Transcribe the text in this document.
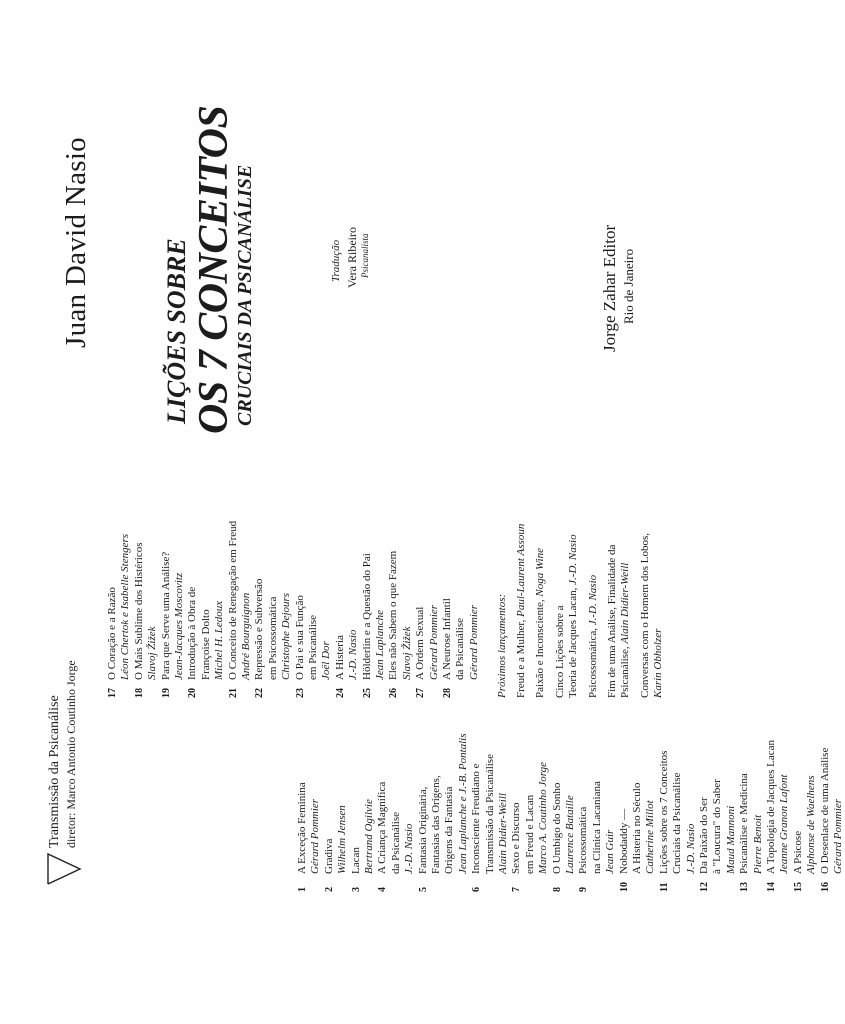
Transmissão da Psicanálise diretor: Marco Antonio Coutinho Jorge
1
A Exceção Feminina Gérard Pommier
2
Gradiva Wilhelm Jensen
3
Lacan Bertrand Ogilvie
4
A Criança Magnífica da Psicanálise J.-D. Nasio
5
Fantasia Originária, Fantasias das Origens, Origens da Fantasia Jean Laplanche e J.-B. Pontalis
6
Inconsciente Freudiano e Transmissão da Psicanálise Alain Didier-Weill
7
Sexo e Discurso em Freud e Lacan Marco A. Coutinho Jorge
8
O Umbigo do Sonho Laurence Bataille
9
Psicossomática na Clínica Lacaniana Jean Guir
10
Nobodaddy — A Histeria no Século Catherine Millot
11
Lições sobre os 7 Conceitos Cruciais da Psicanálise J.-D. Nasio
12
Da Paixão do Ser à "Loucura" do Saber Maud Mannoni
13
Psicanálise e Medicina Pierre Benoit
14
A Topologia de Jacques Lacan Jeanne Granon Lafont
15
A Psicose Alphonse de Waelhens
16
O Desenlace de uma Análise Gérard Pommier
17
O Coração e a Razão Léon Chertok e Isabelle Stengers
18
O Mais Sublime dos Histéricos Slavoj Žižek
19
Para que Serve uma Análise? Jean-Jacques Moscovitz
20
Introdução à Obra de Françoise Dolto Michel H. Ledoux
21
O Conceito de Renegação em Freud André Bourguignon
22
Repressão e Subversão em Psicossomática Christophe Dejours
23
O Pai e sua Função em Psicanálise Joël Dor
24
A Histeria J.-D. Nasio
25
Hölderlin e a Questão do Pai Jean Laplanche
26
Eles não Sabem o que Fazem Slavoj Žižek
27
A Ordem Sexual Gérard Pommier
28
A Neurose Infantil da Psicanálise Gérard Pommier Próximos lançamentos: Freud e a Mulher, Paul-Laurent Assoun
Paixão e Inconsciente, Noga Wine
Cinco Lições sobre a Teoria de Jacques Lacan, J.-D. Nasio
Psicossomática, J.-D. Nasio Fim de uma Análise, Finalidade da Psicanálise, Alain Didier-Weill Conversas com o Homem dos Lobos, Karin Obholzer
Juan David Nasio	LIÇÕES SOBRE OS 7 CONCEITOS
CRUCIAIS DA PSICANÁLISE	Tradução Vera Ribeiro Psicanalista	Jorge Zahar Editor Rio de Janeiro
